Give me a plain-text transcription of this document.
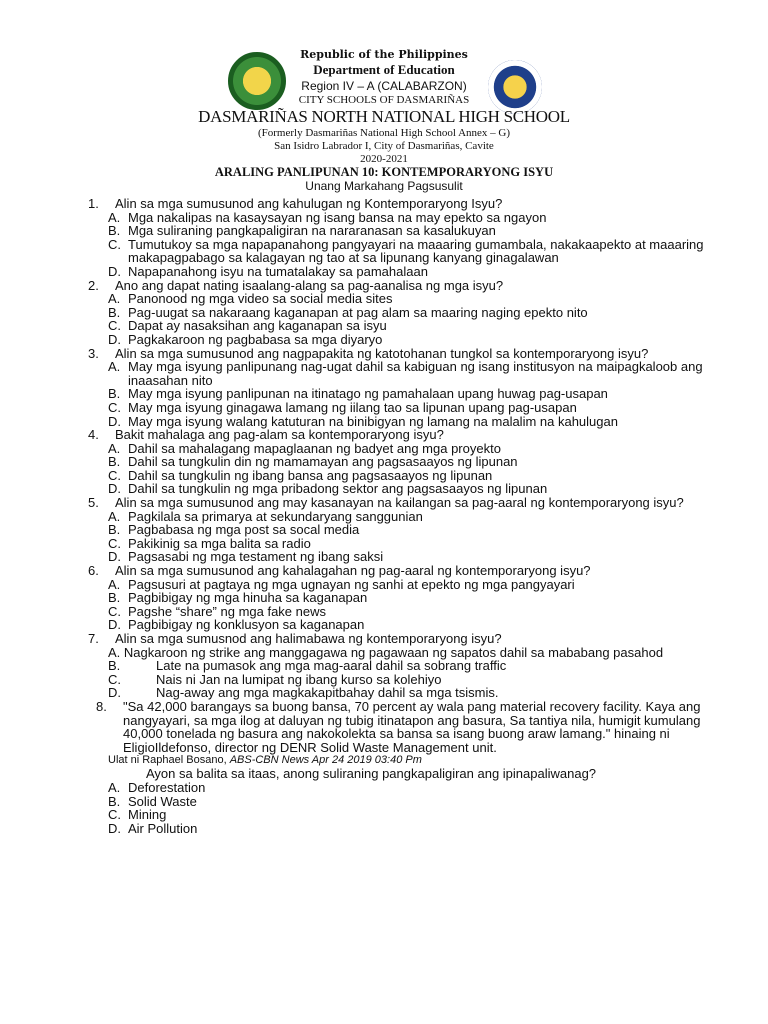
Republic of the Philippines

Department of Education

Region IV – A (CALABARZON)

CITY SCHOOLS OF DASMARIÑAS

DASMARIÑAS NORTH NATIONAL HIGH SCHOOL

(Formerly Dasmariñas National High School Annex – G)

San Isidro Labrador I, City of Dasmariñas, Cavite

2020-2021

ARALING PANLIPUNAN 10: KONTEMPORARYONG ISYU

Unang Markahang Pagsusulit

1.	Alin sa mga sumusunod ang kahulugan ng Kontemporaryong Isyu?
A. Mga nakalipas na kasaysayan ng isang bansa na may epekto sa ngayon
B. Mga suliraning pangkapaligiran na nararanasan sa kasalukuyan
C. Tumutukoy sa mga napapanahong pangyayari na maaaring gumambala, nakakaapekto at maaaring makapagpabago sa kalagayan ng tao at sa lipunang kanyang ginagalawan
D. Napapanahong isyu na tumatalakay sa pamahalaan
2.	Ano ang dapat nating isaalang-alang sa pag-aanalisa ng mga isyu?
A. Panonood ng mga video sa social media sites
B. Pag-uugat sa nakaraang kaganapan at pag alam sa maaring naging epekto nito
C. Dapat ay nasaksihan ang kaganapan sa isyu
D. Pagkakaroon ng pagbabasa sa mga diyaryo
3.	Alin sa mga sumusunod ang nagpapakita ng katotohanan tungkol sa kontemporaryong isyu?
A. May mga isyung panlipunang nag-ugat dahil sa kabiguan ng isang institusyon na maipagkaloob ang inaasahan nito
B. May mga isyung panlipunan na itinatago ng pamahalaan upang huwag pag-usapan
C. May mga isyung ginagawa lamang ng iilang tao sa lipunan upang pag-usapan
D. May mga isyung walang katuturan na binibigyan ng lamang na malalim na kahulugan
4.	Bakit mahalaga ang pag-alam sa kontemporaryong isyu?
A. Dahil sa mahalagang mapaglaanan ng badyet ang mga proyekto
B. Dahil sa tungkulin din ng mamamayan ang pagsasaayos ng lipunan
C. Dahil sa tungkulin ng ibang bansa ang pagsasaayos ng lipunan
D. Dahil sa tungkulin ng mga pribadong sektor ang pagsasaayos ng lipunan
5.	Alin sa mga sumusunod ang may kasanayan na kailangan sa pag-aaral ng kontemporaryong isyu?
A. Pagkilala sa primarya at sekundaryang sanggunian
B. Pagbabasa ng mga post sa socal media
C. Pakikinig sa mga balita sa radio
D. Pagsasabi ng mga testament ng ibang saksi
6.	Alin sa mga sumusunod ang kahalagahan ng pag-aaral ng kontemporaryong isyu?
A. Pagsusuri at pagtaya ng mga ugnayan ng sanhi at epekto ng mga pangyayari
B. Pagbibigay ng mga hinuha sa kaganapan
C. Pagshe “share” ng mga fake news
D. Pagbibigay ng konklusyon sa kaganapan
7.	Alin sa mga sumusnod ang halimabawa ng kontemporaryong isyu?
A. Nagkaroon ng strike ang manggagawa ng pagawaan ng sapatos dahil sa mababang pasahod
B.	Late na pumasok ang mga mag-aaral dahil sa sobrang traffic
C.	Nais ni Jan na lumipat ng ibang kurso sa kolehiyo
D.	Nag-away ang mga magkakapitbahay dahil sa mga tsismis.
8.	"Sa 42,000 barangays sa buong bansa, 70 percent ay wala pang material recovery facility. Kaya ang nangyayari, sa mga ilog at daluyan ng tubig itinatapon ang basura, Sa tantiya nila, humigit kumulang 40,000 tonelada ng basura ang nakokolekta sa bansa sa isang buong araw lamang." hinaing ni EligioIldefonso, director ng DENR Solid Waste Management unit.
Ulat ni Raphael Bosano, ABS-CBN News Apr 24 2019 03:40 Pm
Ayon sa balita sa itaas, anong suliraning pangkapaligiran ang ipinapaliwanag?
A. Deforestation
B. Solid Waste
C. Mining
D. Air Pollution
